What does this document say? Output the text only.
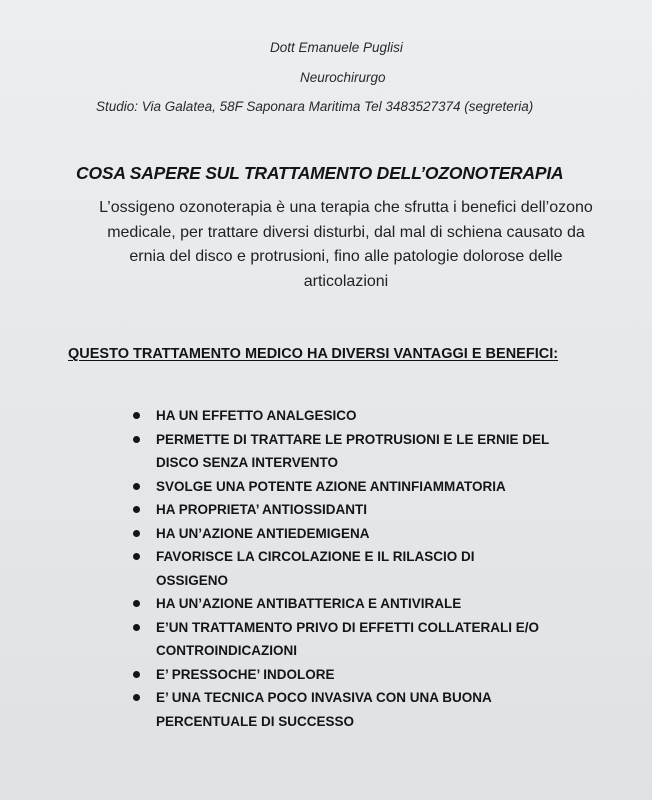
Dott Emanuele Puglisi
Neurochirurgo
Studio: Via Galatea, 58F Saponara Maritima Tel 3483527374 (segreteria)
COSA SAPERE SUL TRATTAMENTO DELL’OZONOTERAPIA
L’ossigeno ozonoterapia è una terapia che sfrutta i benefici dell’ozono medicale, per trattare diversi disturbi, dal mal di schiena causato da ernia del disco e protrusioni, fino alle patologie dolorose delle articolazioni
QUESTO TRATTAMENTO MEDICO HA DIVERSI VANTAGGI E BENEFICI:
HA UN EFFETTO ANALGESICO
PERMETTE DI TRATTARE LE PROTRUSIONI E LE ERNIE DEL DISCO SENZA INTERVENTO
SVOLGE UNA POTENTE AZIONE ANTINFIAMMATORIA
HA PROPRIETA’ ANTIOSSIDANTI
HA UN’AZIONE ANTIEDEMIGENA
FAVORISCE LA CIRCOLAZIONE E IL RILASCIO DI OSSIGENO
HA UN’AZIONE ANTIBATTERICA E ANTIVIRALE
E’UN TRATTAMENTO PRIVO DI EFFETTI COLLATERALI E/O CONTROINDICAZIONI
E’ PRESSOCHE’ INDOLORE
E’ UNA TECNICA POCO INVASIVA CON UNA BUONA PERCENTUALE DI SUCCESSO
